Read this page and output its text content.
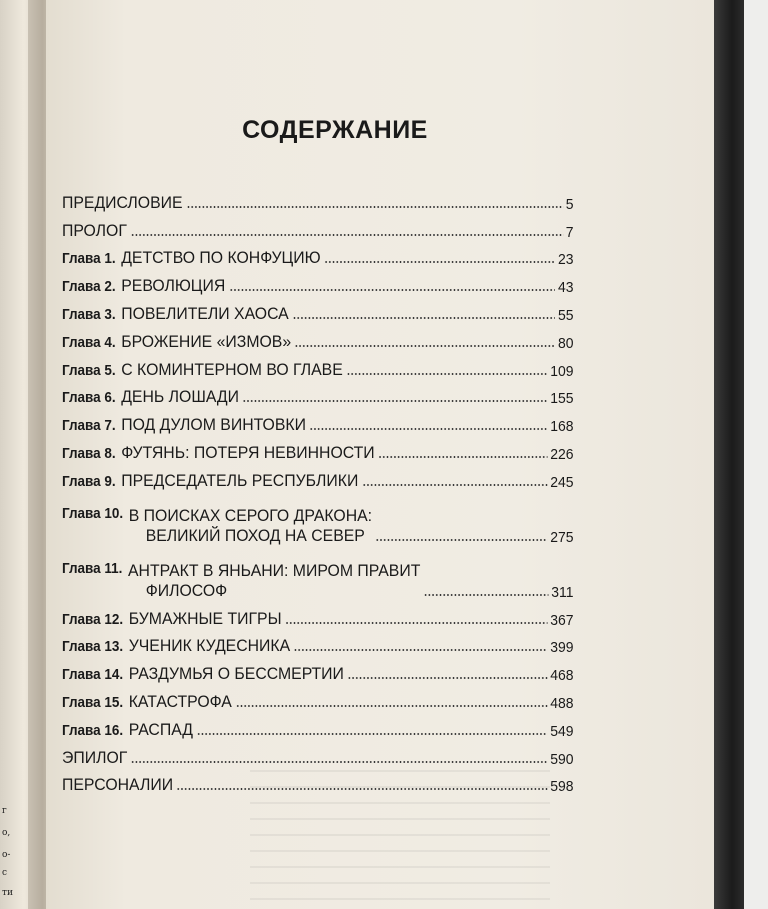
г
о,
о-
с
ти
СОДЕРЖАНИЕ
ПРЕДИСЛОВИЕ	5
ПРОЛОГ	7
Глава 1. ДЕТСТВО ПО КОНФУЦИЮ	23
Глава 2. РЕВОЛЮЦИЯ	43
Глава 3. ПОВЕЛИТЕЛИ ХАОСА	55
Глава 4. БРОЖЕНИЕ «ИЗМОВ»	80
Глава 5. С КОМИНТЕРНОМ ВО ГЛАВЕ	109
Глава 6. ДЕНЬ ЛОШАДИ	155
Глава 7. ПОД ДУЛОМ ВИНТОВКИ	168
Глава 8. ФУТЯНЬ: ПОТЕРЯ НЕВИННОСТИ	226
Глава 9. ПРЕДСЕДАТЕЛЬ РЕСПУБЛИКИ	245
Глава 10. В ПОИСКАХ СЕРОГО ДРАКОНА:
ВЕЛИКИЙ ПОХОД НА СЕВЕР	275
Глава 11. АНТРАКТ В ЯНЬАНИ: МИРОМ ПРАВИТ
ФИЛОСОФ	311
Глава 12. БУМАЖНЫЕ ТИГРЫ	367
Глава 13. УЧЕНИК КУДЕСНИКА	399
Глава 14. РАЗДУМЬЯ О БЕССМЕРТИИ	468
Глава 15. КАТАСТРОФА	488
Глава 16. РАСПАД	549
ЭПИЛОГ	590
ПЕРСОНАЛИИ	598
